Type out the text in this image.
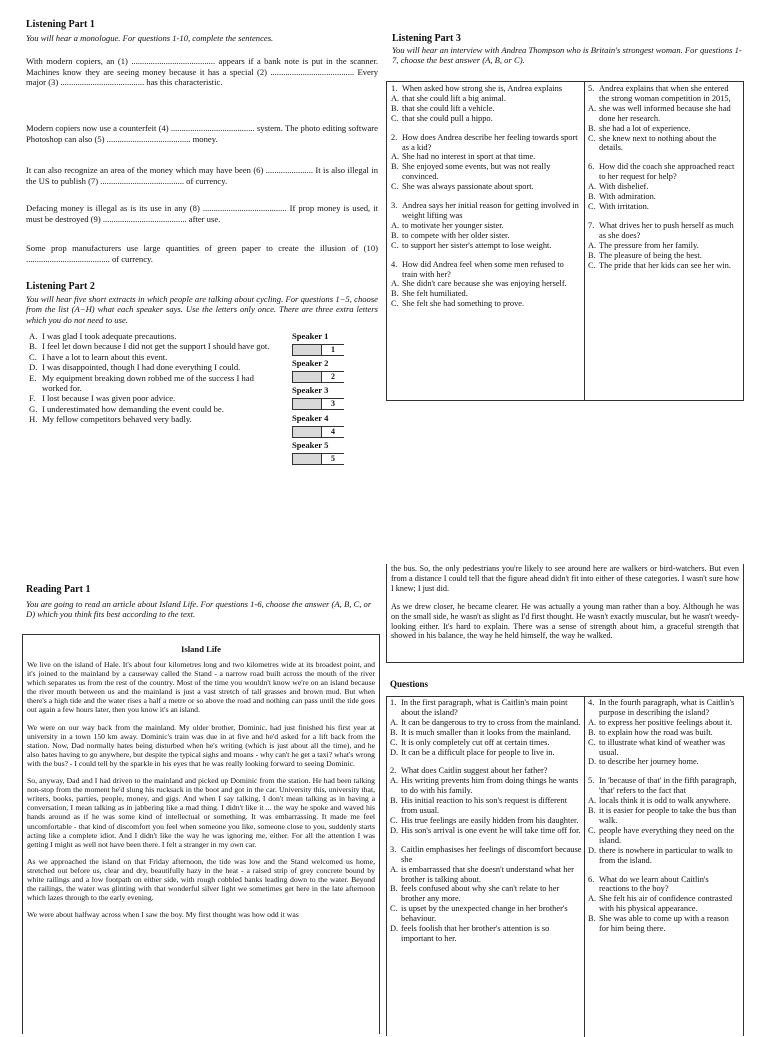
Listening Part 1
You will hear a monologue. For questions 1-10, complete the sentences.

With modern copiers, an (1) ....................................... appears if a bank note is put in the scanner. Machines know they are seeing money because it has a special (2) ....................................... Every major (3) ....................................... has this characteristic.

Modern copiers now use a counterfeit (4) ....................................... system. The photo editing software Photoshop can also (5) ....................................... money.

It can also recognize an area of the money which may have been (6) ...................... It is also illegal in the US to publish (7) ....................................... of currency.

Defacing money is illegal as is its use in any (8) ....................................... If prop money is used, it must be destroyed (9) ....................................... after use.

Some prop manufacturers use large quantities of green paper to create the illusion of (10) ....................................... of currency.

Listening Part 2
You will hear five short extracts in which people are talking about cycling. For questions 1−5, choose from the list (A−H) what each speaker says. Use the letters only once. There are three extra letters which you do not need to use.
A. I was glad I took adequate precautions.
B. I feel let down because I did not get the support I should have got.
C. I have a lot to learn about this event.
D. I was disappointed, though I had done everything I could.
E. My equipment breaking down robbed me of the success I had worked for.
F. I lost because I was given poor advice.
G. I underestimated how demanding the event could be.
H. My fellow competitors behaved very badly.
Speaker 1
1
Speaker 2
2
Speaker 3
3
Speaker 4
4
Speaker 5
5
Listening Part 3
You will hear an interview with Andrea Thompson who is Britain's strongest woman. For questions 1-7, choose the best answer (A, B, or C).
1. When asked how strong she is, Andrea explains
A. that she could lift a big animal.
B. that she could lift a vehicle.
C. that she could pull a hippo.
2. How does Andrea describe her feeling towards sport as a kid?
A. She had no interest in sport at that time.
B. She enjoyed some events, but was not really convinced.
C. She was always passionate about sport.
3. Andrea says her initial reason for getting involved in weight lifting was
A. to motivate her younger sister.
B. to compete with her older sister.
C. to support her sister's attempt to lose weight.
4. How did Andrea feel when some men refused to train with her?
A. She didn't care because she was enjoying herself.
B. She felt humiliated.
C. She felt she had something to prove.
5. Andrea explains that when she entered the strong woman competition in 2015,
A. she was well informed because she had done her research.
B. she had a lot of experience.
C. she knew next to nothing about the details.
6. How did the coach she approached react to her request for help?
A. With disbelief.
B. With admiration.
C. With irritation.
7. What drives her to push herself as much as she does?
A. The pressure from her family.
B. The pleasure of being the best.
C. The pride that her kids can see her win.
Reading Part 1
You are going to read an article about Island Life. For questions 1-6, choose the answer (A, B, C, or D) which you think fits best according to the text.
Island Life

We live on the island of Hale. It's about four kilometres long and two kilometres wide at its broadest point, and it's joined to the mainland by a causeway called the Stand - a narrow road built across the mouth of the river which separates us from the rest of the country. Most of the time you wouldn't know we're on an island because the river mouth between us and the mainland is just a vast stretch of tall grasses and brown mud. But when there's a high tide and the water rises a half a metre or so above the road and nothing can pass until the tide goes out again a few hours later, then you know it's an island.

We were on our way back from the mainland. My older brother, Dominic, had just finished his first year at university in a town 150 km away. Dominic's train was due in at five and he'd asked for a lift back from the station. Now, Dad normally hates being disturbed when he's writing (which is just about all the time), and he also hates having to go anywhere, but despite the typical sighs and moans - why can't he get a taxi? what's wrong with the bus? - I could tell by the sparkle in his eyes that he was really looking forward to seeing Dominic.

So, anyway, Dad and I had driven to the mainland and picked up Dominic from the station. He had been talking non-stop from the moment he'd slung his rucksack in the boot and got in the car. University this, university that, writers, books, parties, people, money, and gigs. And when I say talking, I don't mean talking as in having a conversation, I mean talking as in jabbering like a mad thing. I didn't like it ... the way he spoke and waved his hands around as if he was some kind of intellectual or something. It was embarrassing. It made me feel uncomfortable - that kind of discomfort you feel when someone you like, someone close to you, suddenly starts acting like a complete idiot. And I didn't like the way he was ignoring me, either. For all the attention I was getting I might as well not have been there. I felt a stranger in my own car.

As we approached the island on that Friday afternoon, the tide was low and the Stand welcomed us home, stretched out before us, clear and dry, beautifully hazy in the heat - a raised strip of grey concrete bound by white railings and a low footpath on either side, with rough cobbled banks leading down to the water. Beyond the railings, the water was glinting with that wonderful silver light we sometimes get here in the late afternoon which lazes through to the early evening.

We were about halfway across when I saw the boy. My first thought was how odd it was

the bus. So, the only pedestrians you're likely to see around here are walkers or bird-watchers. But even from a distance I could tell that the figure ahead didn't fit into either of these categories. I wasn't sure how I knew; I just did.

As we drew closer, he became clearer. He was actually a young man rather than a boy. Although he was on the small side, he wasn't as slight as I'd first thought. He wasn't exactly muscular, but he wasn't weedy-looking either. It's hard to explain. There was a sense of strength about him, a graceful strength that showed in his balance, the way he held himself, the way he walked.

Questions
1. In the first paragraph, what is Caitlin's main point about the island?
A. It can be dangerous to try to cross from the mainland.
B. It is much smaller than it looks from the mainland.
C. It is only completely cut off at certain times.
D. It can be a difficult place for people to live in.
2. What does Caitlin suggest about her father?
A. His writing prevents him from doing things he wants to do with his family.
B. His initial reaction to his son's request is different from usual.
C. His true feelings are easily hidden from his daughter.
D. His son's arrival is one event he will take time off for.
3. Caitlin emphasises her feelings of discomfort because she
A. is embarrassed that she doesn't understand what her brother is talking about.
B. feels confused about why she can't relate to her brother any more.
C. is upset by the unexpected change in her brother's behaviour.
D. feels foolish that her brother's attention is so important to her.
4. In the fourth paragraph, what is Caitlin's purpose in describing the island?
A. to express her positive feelings about it.
B. to explain how the road was built.
C. to illustrate what kind of weather was usual.
D. to describe her journey home.
5. In 'because of that' in the fifth paragraph, 'that' refers to the fact that
A. locals think it is odd to walk anywhere.
B. it is easier for people to take the bus than walk.
C. people have everything they need on the island.
D. there is nowhere in particular to walk to from the island.
6. What do we learn about Caitlin's reactions to the boy?
A. She felt his air of confidence contrasted with his physical appearance.
B. She was able to come up with a reason for him being there.
